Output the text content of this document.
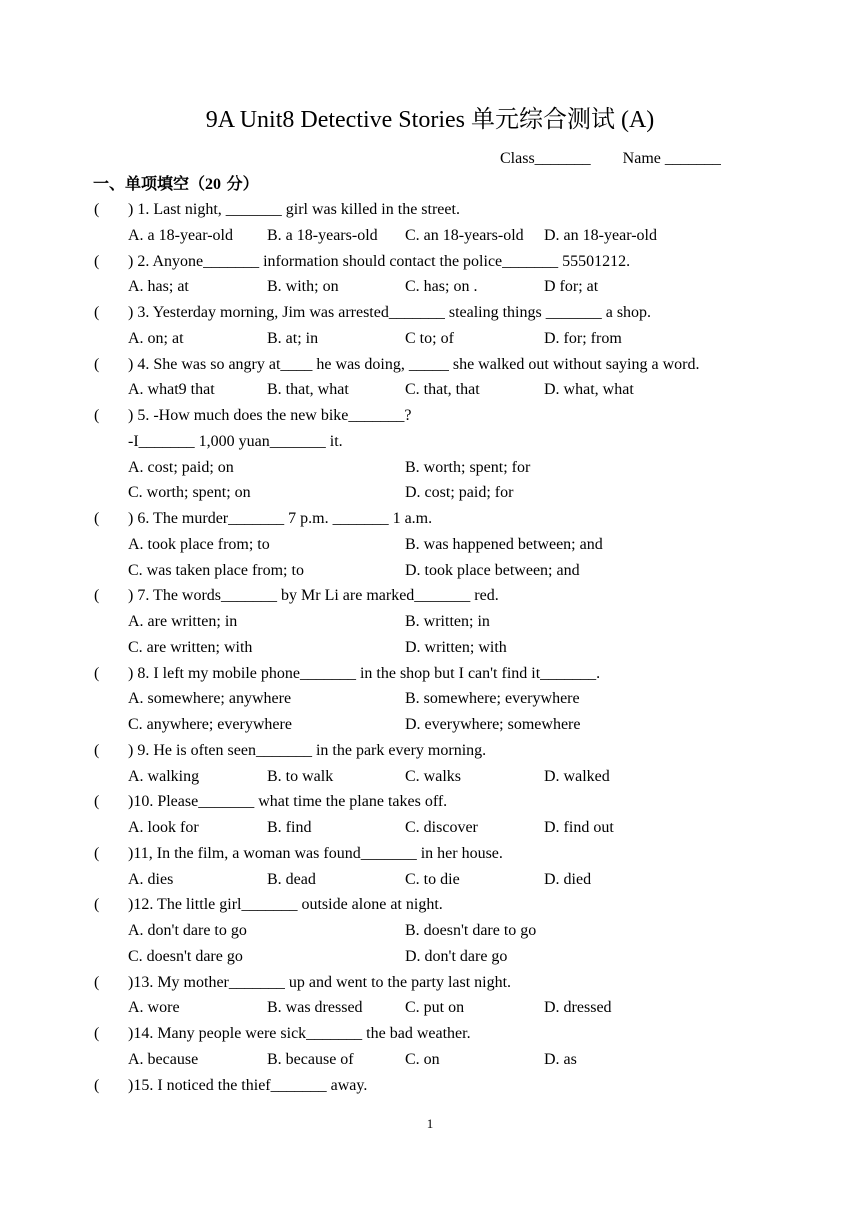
9A Unit8 Detective Stories 单元综合测试 (A)
Class_______ Name _______
一、单项填空（20 分）
( ) 1. Last night, _______ girl was killed in the street.
A. a 18-year-old B. a 18-years-old C. an 18-years-old D. an 18-year-old
( ) 2. Anyone_______ information should contact the police_______ 55501212.
A. has; at	B. with; on	C. has; on .	D for; at
( ) 3. Yesterday morning, Jim was arrested_______ stealing things _______ a shop.
A. on; at	B. at; in	C to; of	D. for; from
( ) 4. She was so angry at____ he was doing, _____ she walked out without saying a word.
A. what9 that	B. that, what	C. that, that	D. what, what
( ) 5. -How much does the new bike_______?
-I_______ 1,000 yuan_______ it.
A. cost; paid; on	B. worth; spent; for
C. worth; spent; on	D. cost; paid; for
( ) 6. The murder_______ 7 p.m. _______ 1 a.m.
A. took place from; to	B. was happened between; and
C. was taken place from; to	D. took place between; and
( ) 7. The words_______ by Mr Li are marked_______ red.
A. are written; in	B. written; in
C. are written; with	D. written; with
( ) 8. I left my mobile phone_______ in the shop but I can't find it_______.
A. somewhere; anywhere	B. somewhere; everywhere
C. anywhere; everywhere	D. everywhere; somewhere
( ) 9. He is often seen_______ in the park every morning.
A. walking	B. to walk	C. walks	D. walked
( )10. Please_______ what time the plane takes off.
A. look for	B. find	C. discover	D. find out
( )11, In the film, a woman was found_______ in her house.
A. dies	B. dead	C. to die	D. died
( )12. The little girl_______ outside alone at night.
A. don't dare to go	B. doesn't dare to go
C. doesn't dare go	D. don't dare go
( )13. My mother_______ up and went to the party last night.
A. wore	B. was dressed	C. put on	D. dressed
( )14. Many people were sick_______ the bad weather.
A. because	B. because of	C. on	D. as
( )15. I noticed the thief_______ away.
1
